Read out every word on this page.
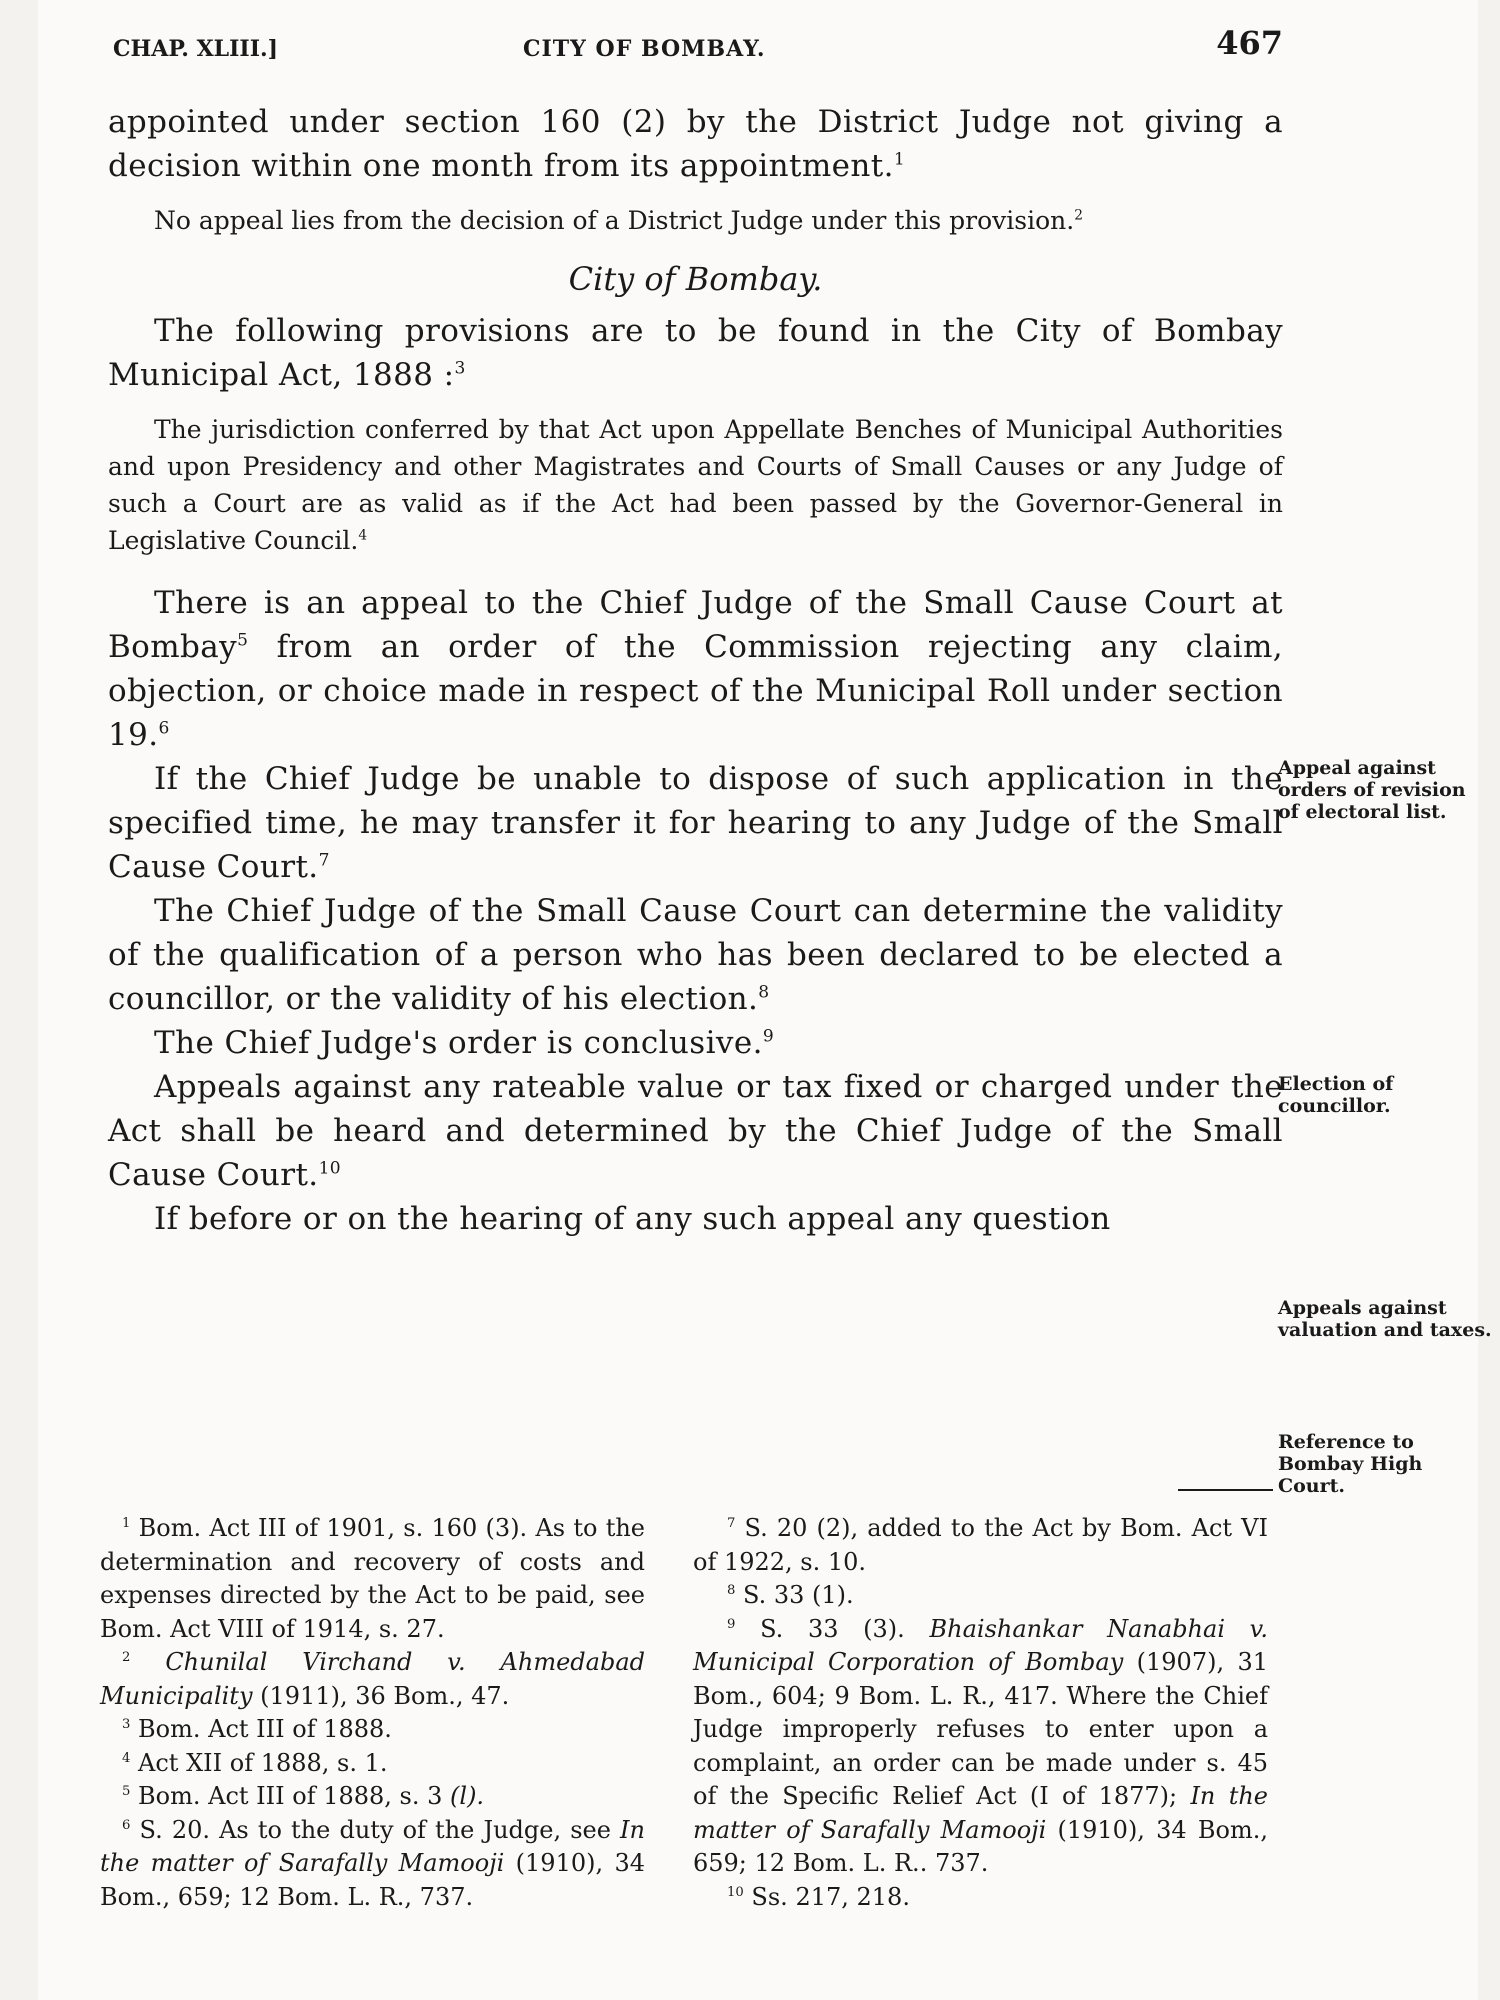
CHAP. XLIII.]	CITY OF BOMBAY.	467

appointed under section 160 (2) by the District Judge not giving a decision within one month from its appointment.$^1$

No appeal lies from the decision of a District Judge under this provision.$^2$

City of Bombay.

The following provisions are to be found in the City of Bombay Municipal Act, 1888 :$^3$

The jurisdiction conferred by that Act upon Appellate Benches of Municipal Authorities and upon Presidency and other Magistrates and Courts of Small Causes or any Judge of such a Court are as valid as if the Act had been passed by the Governor-General in Legislative Council.$^4$

There is an appeal to the Chief Judge of the Small Cause Court at Bombay$^5$ from an order of the Commission rejecting any claim, objection, or choice made in respect of the Municipal Roll under section 19.$^6$

If the Chief Judge be unable to dispose of such application in the specified time, he may transfer it for hearing to any Judge of the Small Cause Court.$^7$

The Chief Judge of the Small Cause Court can determine the validity of the qualification of a person who has been declared to be elected a councillor, or the validity of his election.$^8$

The Chief Judge's order is conclusive.$^9$

Appeals against any rateable value or tax fixed or charged under the Act shall be heard and determined by the Chief Judge of the Small Cause Court.$^{10}$

If before or on the hearing of any such appeal any question

Appeal against orders of revision of electoral list.
Election of councillor.
Appeals against valuation and taxes.
Reference to Bombay High Court.

$^1$ Bom. Act III of 1901, s. 160 (3). As to the determination and recovery of costs and expenses directed by the Act to be paid, see Bom. Act VIII of 1914, s. 27.

$^2$ Chunilal Virchand v. Ahmedabad Municipality (1911), 36 Bom., 47.

$^3$ Bom. Act III of 1888.

$^4$ Act XII of 1888, s. 1.

$^5$ Bom. Act III of 1888, s. 3 (l).

$^6$ S. 20. As to the duty of the Judge, see In the matter of Sarafally Mamooji (1910), 34 Bom., 659; 12 Bom. L. R., 737.

$^7$ S. 20 (2), added to the Act by Bom. Act VI of 1922, s. 10.

$^8$ S. 33 (1).

$^9$ S. 33 (3). Bhaishankar Nanabhai v. Municipal Corporation of Bombay (1907), 31 Bom., 604; 9 Bom. L. R., 417. Where the Chief Judge improperly refuses to enter upon a complaint, an order can be made under s. 45 of the Specific Relief Act (I of 1877); In the matter of Sarafally Mamooji (1910), 34 Bom., 659; 12 Bom. L. R.. 737.

$^{10}$ Ss. 217, 218.
